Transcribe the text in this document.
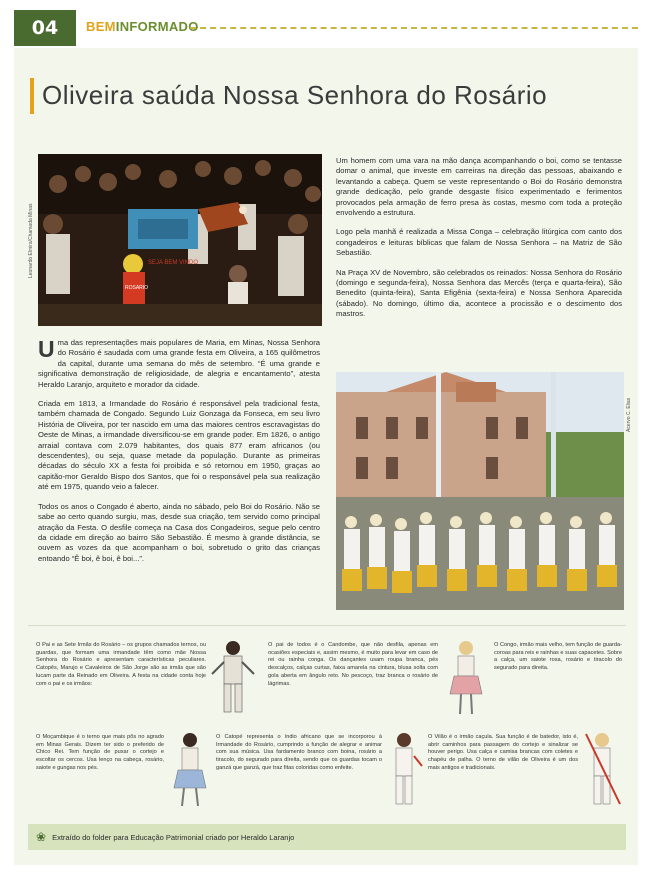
04	BEMINFORMADO
Oliveira saúda Nossa Senhora do Rosário
Leonardo Elmira/Chamada Minas	SEJA BEM VINDO
ROSARIO

Uma das representações mais populares de Maria, em Minas, Nossa Senhora do Rosário é saudada com uma grande festa em Oliveira, a 165 quilômetros da capital, durante uma semana do mês de setembro. “É uma grande e significativa demonstração de religiosidade, de alegria e encantamento”, atesta Heraldo Laranjo, arquiteto e morador da cidade.

Criada em 1813, a Irmandade do Rosário é responsável pela tradicional festa, também chamada de Congado. Segundo Luiz Gonzaga da Fonseca, em seu livro História de Oliveira, por ter nascido em uma das maiores centros escravagistas do Oeste de Minas, a irmandade diversificou-se em grande poder. Em 1826, o antigo arraial contava com 2.079 habitantes, dos quais 877 eram africanos (ou descendentes), ou seja, quase metade da população. Durante as primeiras décadas do século XX a festa foi proibida e só retornou em 1950, graças ao capitão-mor Geraldo Bispo dos Santos, que foi o responsável pela sua realização até em 1975, quando veio a falecer.

Todos os anos o Congado é aberto, ainda no sábado, pelo Boi do Rosário. Não se sabe ao certo quando surgiu, mas, desde sua criação, tem servido como principal atração da Festa. O desfile começa na Casa dos Congadeiros, segue pelo centro da cidade em direção ao bairro São Sebastião. É mesmo à grande distância, se ouvem as vozes da que acompanham o boi, sobretudo o grito das crianças entoando “Ê boi, ê boi, ê boi...”.

Um homem com uma vara na mão dança acompanhando o boi, como se tentasse domar o animal, que investe em carreiras na direção das pessoas, abaixando e levantando a cabeça. Quem se veste representando o Boi do Rosário demonstra grande dedicação, pelo grande desgaste físico experimentado e ferimentos provocados pela armação de ferro presa às costas, mesmo com toda a proteção envolvendo a estrutura.

Logo pela manhã é realizada a Missa Conga – celebração litúrgica com canto dos congadeiros e leituras bíblicas que falam de Nossa Senhora – na Matriz de São Sebastião.

Na Praça XV de Novembro, são celebrados os reinados: Nossa Senhora do Rosário (domingo e segunda-feira), Nossa Senhora das Mercês (terça e quarta-feira), São Benedito (quinta-feira), Santa Efigênia (sexta-feira) e Nossa Senhora Aparecida (sábado). No domingo, último dia, acontece a procissão e o descimento dos mastros.

Acervo C. Elias
O Pai e as Sete Irmãs do Rosário – os grupos chamados ternos, ou guardas, que formam uma irmandade têm como mãe Nossa Senhora do Rosário e apresentam características peculiares. Catopês, Marujo e Cavaleiros de São Jorge são as irmãs que são lucam parte da Reinado em Oliveira. A festa na cidade conta hoje com o pai e os irmãos:
O pai de todos é o Candombe, que não desfila, apenas em ocasiões especiais e, assim mesmo, é muito para levar em caso de rei ou rainha conga. Os dançantes usam roupa branca, pés descalços, calças curtas, faixa amarela na cintura, blusa solta com gola aberta em ângulo reto. No pescoço, traz branca o rosário de lágrimas.
O Congo, irmão mais velho, tem função de guarda-coroas para reis e rainhas e suas capacetes. Sobre a calça, um saiote rosa, rosário e tiracolo do segurado para direita.
O Moçambique é o terno que mais pôs no agrado em Minas Gerais. Dizem ter sido o preferido de Chico Rei. Tem função de puxar o cortejo e escoltar os cercos. Usa lenço na cabeça, rosário, saiote e gungas nos pés.
O Catopé representa o índio africano que se incorporou à Irmandade do Rosário, cumprindo a função de alegrar e animar com sua música. Usa fardamento branco com boina, rosário a tiracolo, do segurado para direita, sendo que os guardas tocam o ganzá que ganzá, que traz fitas coloridas como enfeite.
O Vilão é o irmão caçula. Sua função é de batedor, isto é, abrir caminhos para passagem do cortejo e sinalizar se houver perigo. Usa calça e camisa brancas com coletes e chapéu de palha. O terno de vilão de Oliveira é um dos mais antigos e tradicionais.
❀ Extraído do folder para Educação Patrimonial criado por Heraldo Laranjo
